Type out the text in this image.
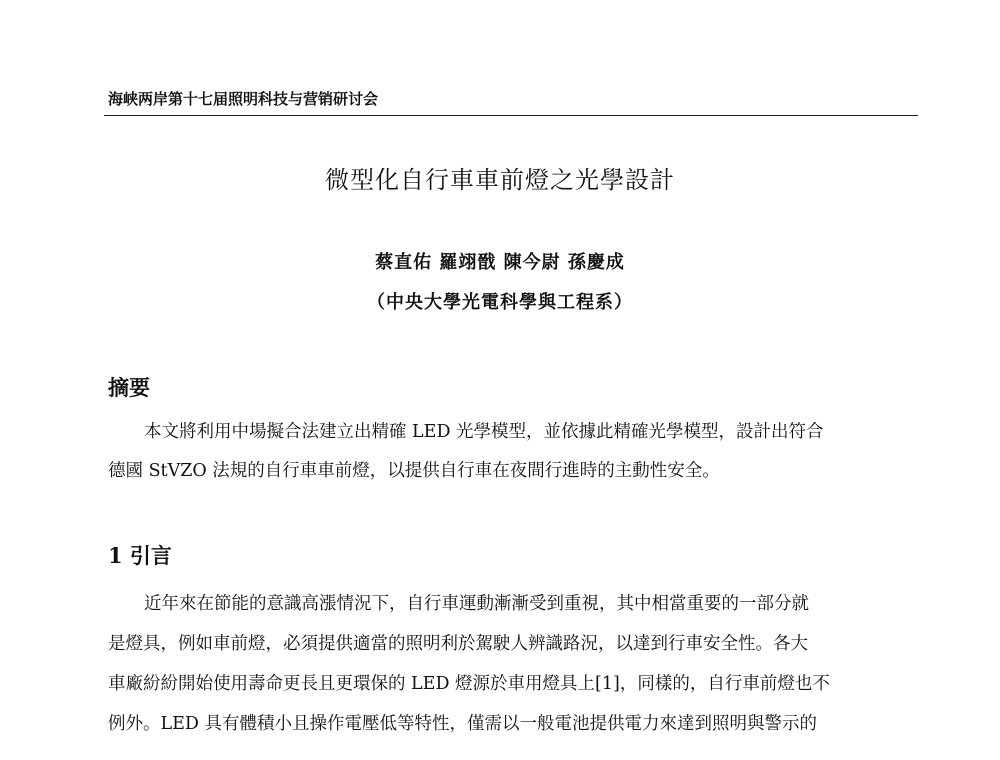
海峡两岸第十七届照明科技与营销研讨会
微型化自行車車前燈之光學設計
蔡直佑 羅翊戩 陳今尉 孫慶成
（中央大學光電科學與工程系）
摘要
本文將利用中場擬合法建立出精確 LED 光學模型，並依據此精確光學模型，設計出符合
德國 StVZO 法規的自行車車前燈，以提供自行車在夜間行進時的主動性安全。
1 引言
近年來在節能的意識高漲情況下，自行車運動漸漸受到重視，其中相當重要的一部分就
是燈具，例如車前燈，必須提供適當的照明利於駕駛人辨識路況，以達到行車安全性。各大
車廠紛紛開始使用壽命更長且更環保的 LED 燈源於車用燈具上[1]，同樣的，自行車前燈也不
例外。LED 具有體積小且操作電壓低等特性，僅需以一般電池提供電力來達到照明與警示的
